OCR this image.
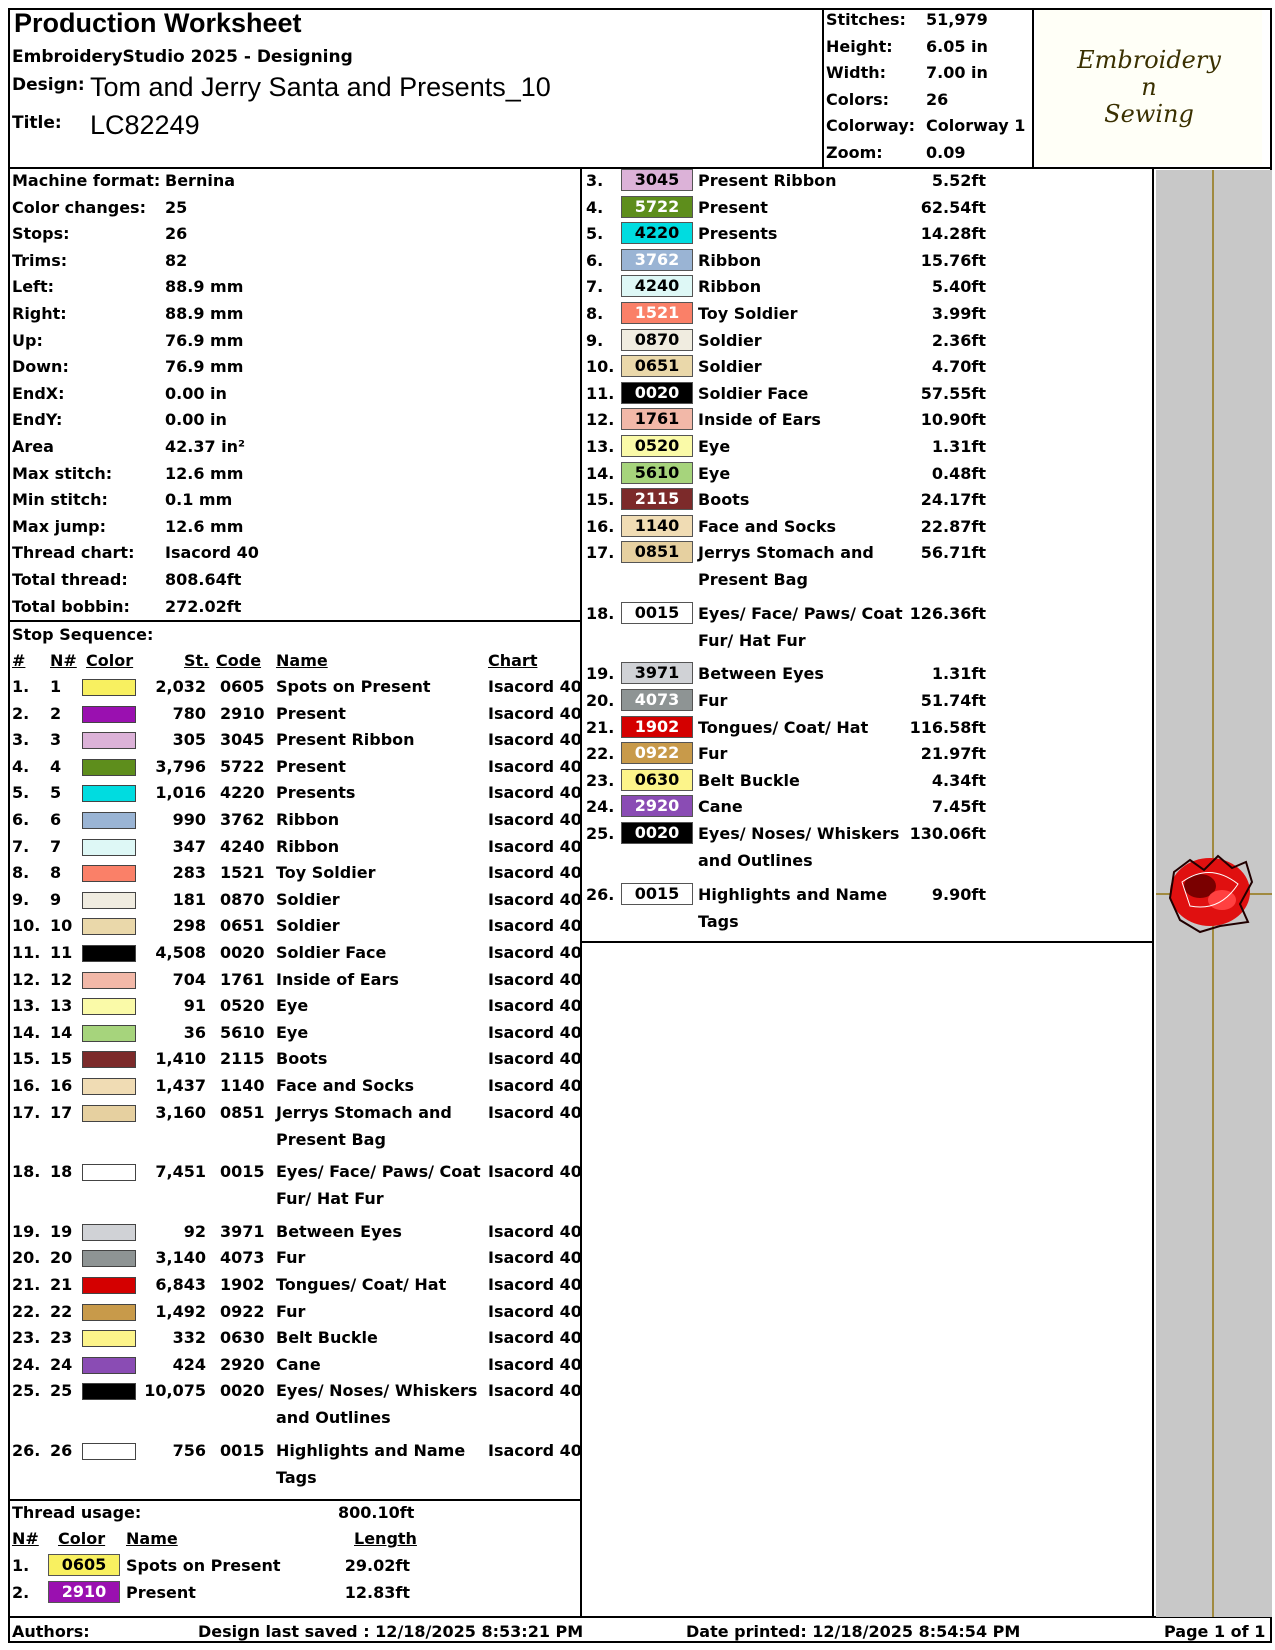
Production Worksheet
EmbroideryStudio 2025 - Designing
Design: Tom and Jerry Santa and Presents_10
Title: LC82249
Stitches: 51,979
Height: 6.05 in
Width: 7.00 in
Colors: 26
Colorway: Colorway 1
Zoom:	0.09
Embroidery
n
Sewing
Machine format: Bernina
Color changes: 25
Stops:	26
Trims:	82
Left:	88.9 mm
Right:	88.9 mm
Up:	76.9 mm
Down:	76.9 mm
EndX:	0.00 in
EndY:	0.00 in
Area	42.37 in²
Max stitch:	12.6 mm
Min stitch:	0.1 mm
Max jump:	12.6 mm
Thread chart: Isacord 40
Total thread: 808.64ft
Total bobbin: 272.02ft
Stop Sequence:
# N# Color	St. Code Name	Chart
1. 1	2,032 0605 Spots on Present	Isacord 40
2. 2	780 2910 Present	Isacord 40
3. 3	305 3045 Present Ribbon	Isacord 40
4. 4	3,796 5722 Present	Isacord 40
5. 5	1,016 4220 Presents	Isacord 40
6. 6	990 3762 Ribbon	Isacord 40
7. 7	347 4240 Ribbon	Isacord 40
8. 8	283 1521 Toy Soldier	Isacord 40
9. 9	181 0870 Soldier	Isacord 40
10. 10	298 0651 Soldier	Isacord 40
11. 11	4,508 0020 Soldier Face	Isacord 40
12. 12	704 1761 Inside of Ears	Isacord 40
13. 13	91 0520 Eye	Isacord 40
14. 14	36 5610 Eye	Isacord 40
15. 15	1,410 2115 Boots	Isacord 40
16. 16	1,437 1140 Face and Socks	Isacord 40
17. 17	3,160 0851 Jerrys Stomach and Isacord 40
Present Bag
18. 18	7,451 0015 Eyes/ Face/ Paws/ Coat Isacord 40
Fur/ Hat Fur
19. 19	92 3971 Between Eyes	Isacord 40
20. 20	3,140 4073 Fur	Isacord 40
21. 21	6,843 1902 Tongues/ Coat/ Hat	Isacord 40
22. 22	1,492 0922 Fur	Isacord 40
23. 23	332 0630 Belt Buckle	Isacord 40
24. 24	424 2920 Cane	Isacord 40
25. 25	10,075 0020 Eyes/ Noses/ Whiskers Isacord 40
and Outlines
26. 26	756 0015 Highlights and Name Isacord 40
Tags
Thread usage:	800.10ft
N# Color Name	Length
1.	0605	Spots on Present	29.02ft
2.	2910	Present	12.83ft
3.	3045	Present Ribbon	5.52ft
4.	5722	Present	62.54ft
5.	4220	Presents	14.28ft
6.	3762	Ribbon	15.76ft
7.	4240	Ribbon	5.40ft
8.	1521	Toy Soldier	3.99ft
9.	0870	Soldier	2.36ft
10.	0651	Soldier	4.70ft
11.	0020	Soldier Face	57.55ft
12.	1761	Inside of Ears	10.90ft
13.	0520	Eye	1.31ft
14.	5610	Eye	0.48ft
15.	2115	Boots	24.17ft
16.	1140	Face and Socks	22.87ft
17.	0851	Jerrys Stomach and	56.71ft
Present Bag
18.	0015	Eyes/ Face/ Paws/ Coat 126.36ft
Fur/ Hat Fur
19.	3971	Between Eyes	1.31ft
20.	4073	Fur	51.74ft
21.	1902	Tongues/ Coat/ Hat	116.58ft
22.	0922	Fur	21.97ft
23.	0630	Belt Buckle	4.34ft
24.	2920	Cane	7.45ft
25.	0020	Eyes/ Noses/ Whiskers 130.06ft
and Outlines
26.	0015	Highlights and Name	9.90ft
Tags
Authors:	Design last saved : 12/18/2025 8:53:21 PM	Date printed: 12/18/2025 8:54:54 PM	Page 1 of 1
